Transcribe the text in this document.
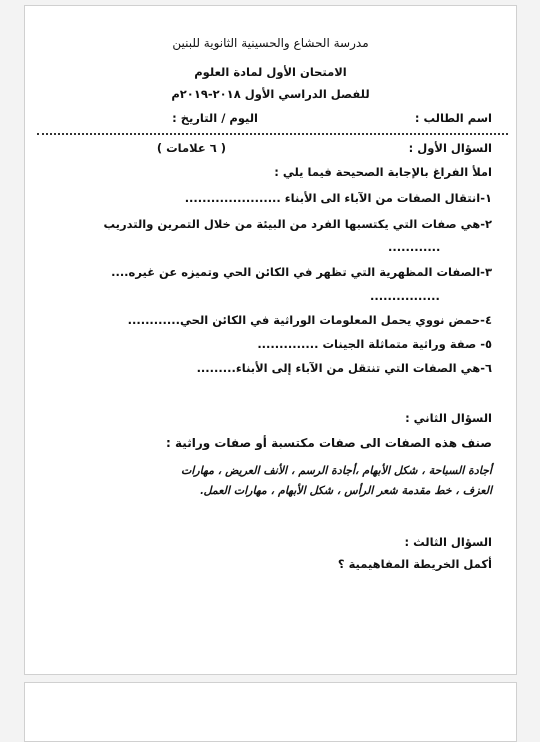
مدرسة الحشاع والحسينية الثانوية للبنين
الامتحان الأول لمادة العلوم
للفصل الدراسي الأول ٢٠١٨-٢٠١٩م
اسم الطالب :
اليوم / التاريخ :
السؤال الأول :
( ٦ علامات )
املأ الفراغ بالإجابة الصحيحة فيما يلي :
١-انتقال الصفات من الآباء الى الأبناء ......................
٢-هي صفات التي يكتسبها الفرد من البيئة من خلال التمرين والتدريب
............
٣-الصفات المظهرية التي تظهر في الكائن الحي وتميزه عن غيره....
................
٤-حمض نووي يحمل المعلومات الوراثية في الكائن الحي............
٥- صفة وراثية متماثلة الجينات ..............
٦-هي الصفات التي تنتقل من الآباء إلى الأبناء.........
السؤال الثاني :
صنف هذه الصفات الى صفات مكتسبة أو صفات وراثية :
أجادة السباحة ، شكل الأبهام ،أجادة الرسم ، الأنف العريض ، مهارات
العزف ، خط مقدمة شعر الرأس ، شكل الأبهام ، مهارات العمل.
السؤال الثالث :
أكمل الخريطة المفاهيمية ؟
